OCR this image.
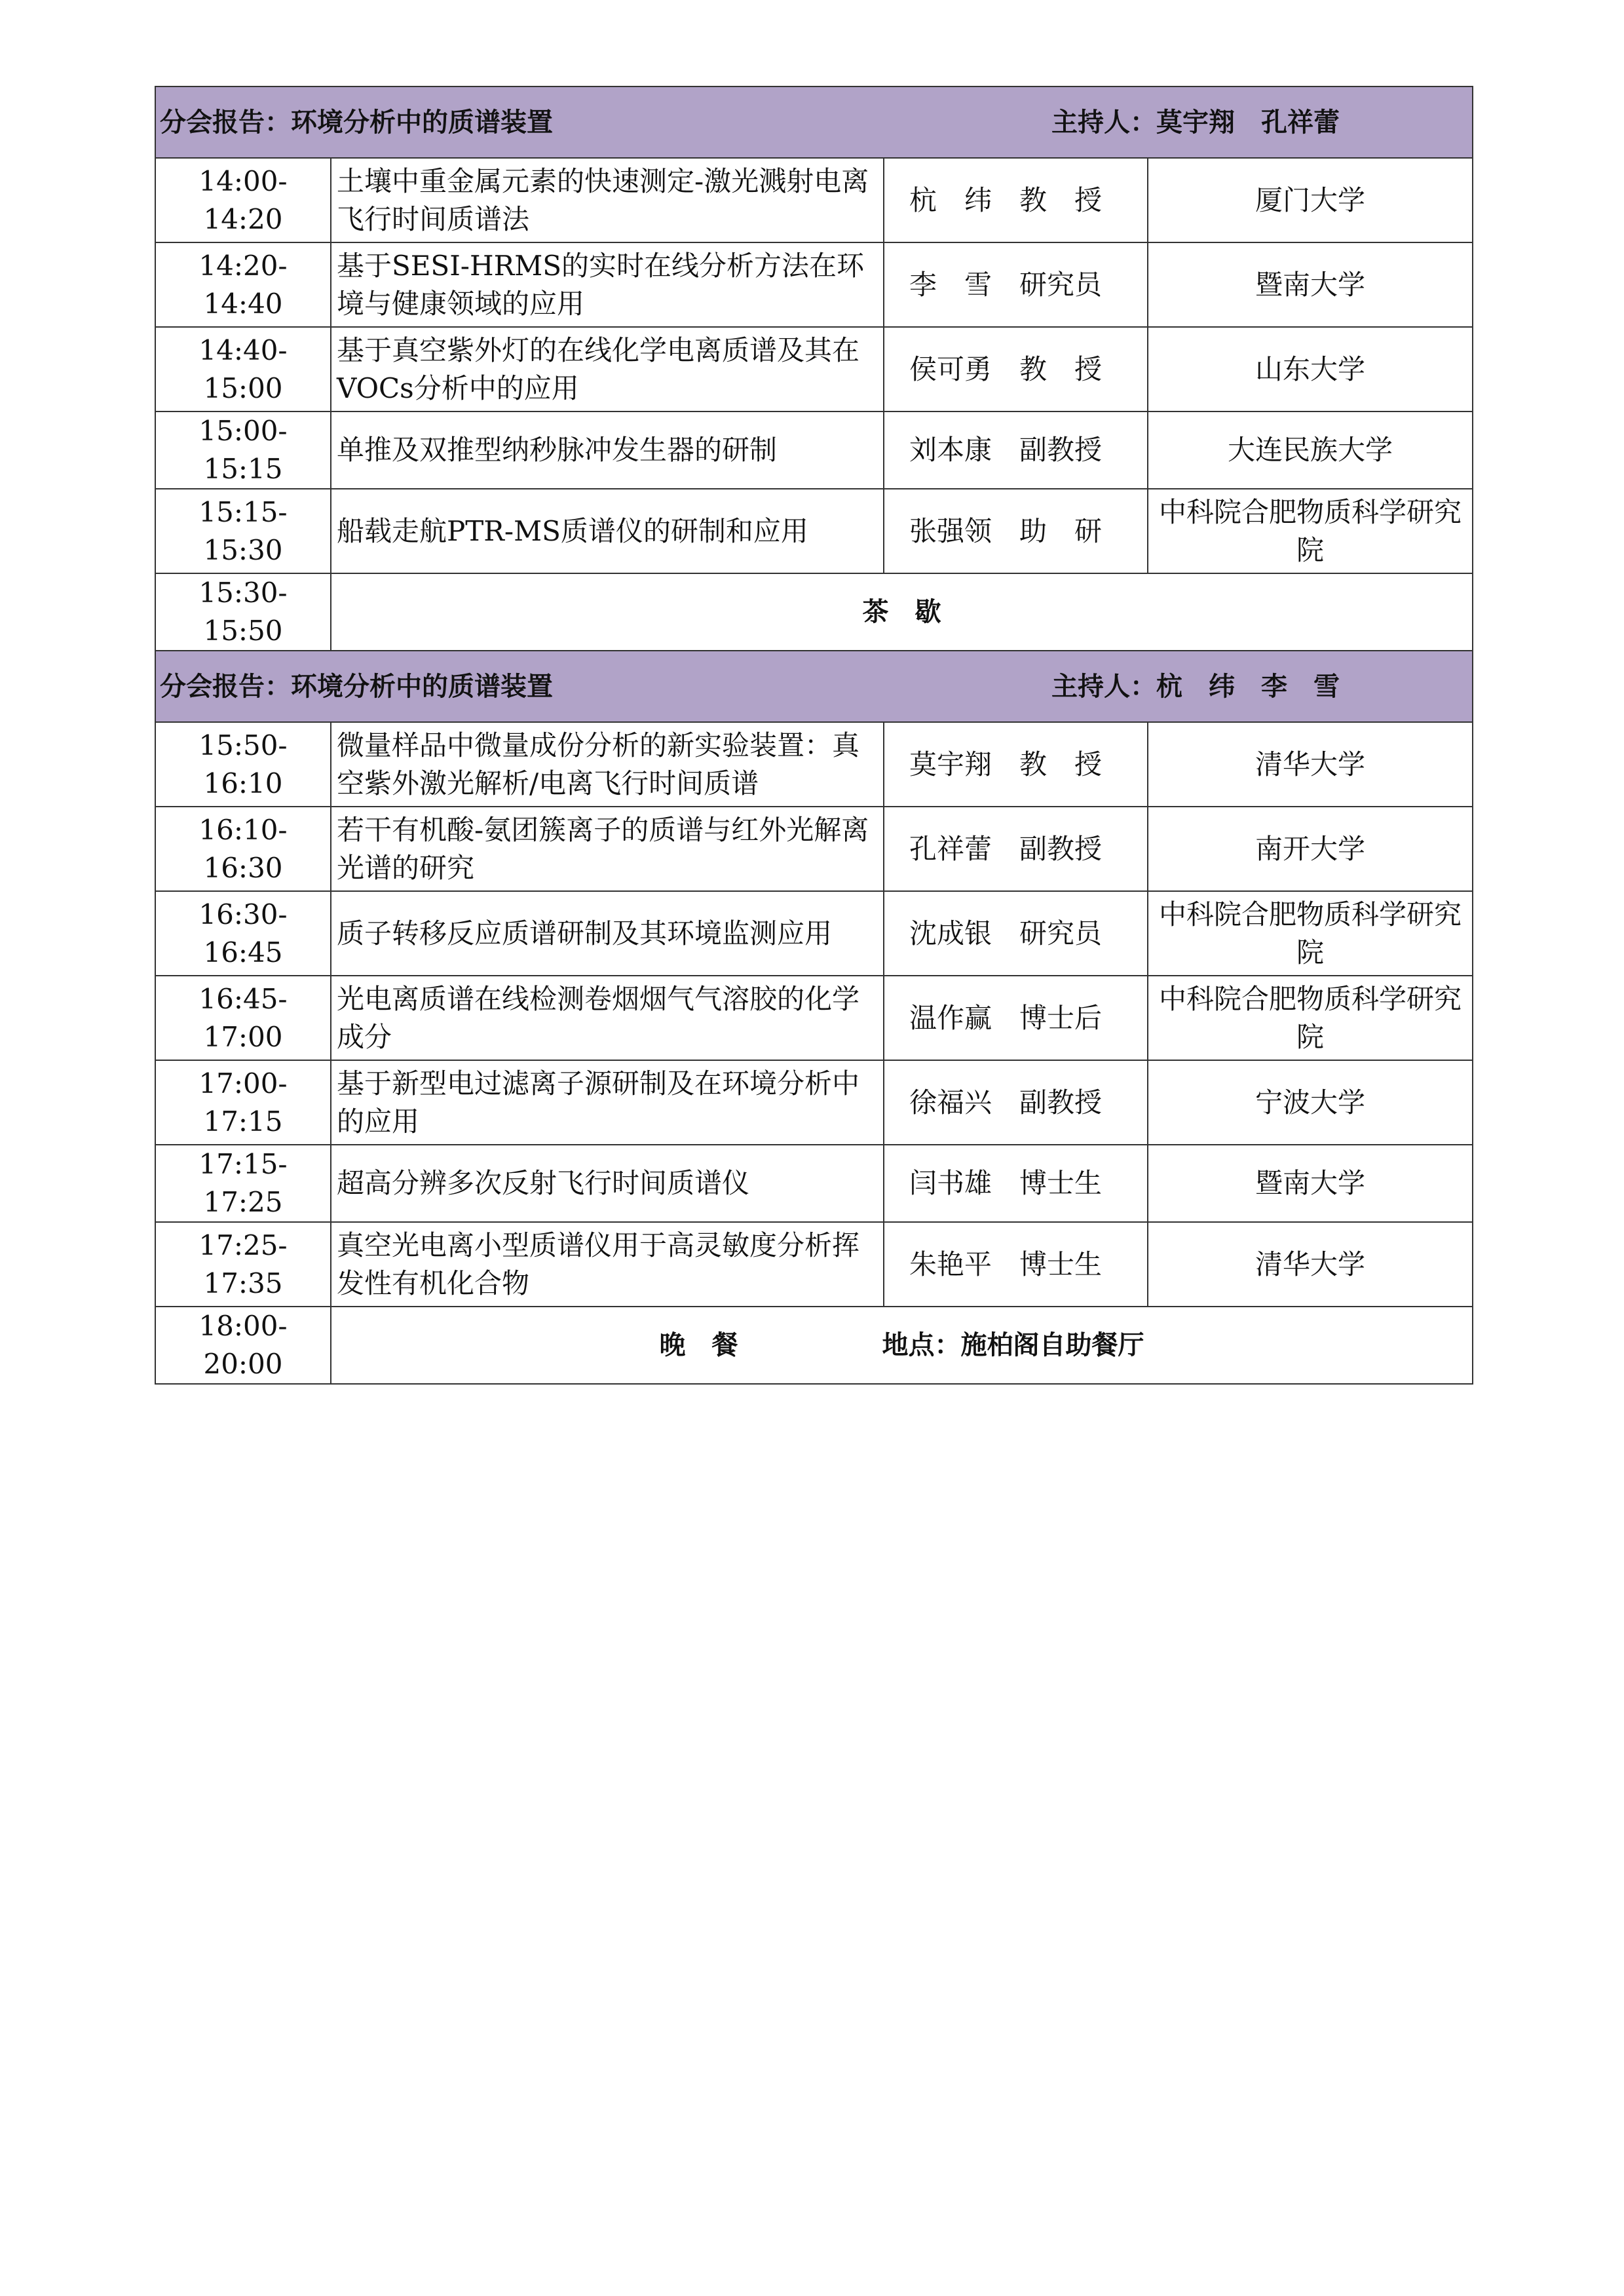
分会报告：环境分析中的质谱装置 主持人：莫宇翔　孔祥蕾			

14:00-14:20	土壤中重金属元素的快速测定-激光溅射电离飞行时间质谱法	杭　纬　教　授	厦门大学
14:20-14:40	基于SESI-HRMS的实时在线分析方法在环境与健康领域的应用	李　雪　研究员	暨南大学
14:40-15:00	基于真空紫外灯的在线化学电离质谱及其在VOCs分析中的应用	侯可勇　教　授	山东大学
15:00-15:15	单推及双推型纳秒脉冲发生器的研制	刘本康　副教授	大连民族大学
15:15-15:30	船载走航PTR-MS质谱仪的研制和应用	张强领　助　研	中科院合肥物质科学研究院
15:30-15:50	茶　歇		

分会报告：环境分析中的质谱装置 主持人：杭　纬　李　雪			

15:50-16:10	微量样品中微量成份分析的新实验装置：真空紫外激光解析/电离飞行时间质谱	莫宇翔　教　授	清华大学
16:10-16:30	若干有机酸-氨团簇离子的质谱与红外光解离光谱的研究	孔祥蕾　副教授	南开大学
16:30-16:45	质子转移反应质谱研制及其环境监测应用	沈成银　研究员	中科院合肥物质科学研究院
16:45-17:00	光电离质谱在线检测卷烟烟气气溶胶的化学成分	温作赢　博士后	中科院合肥物质科学研究院
17:00-17:15	基于新型电过滤离子源研制及在环境分析中的应用	徐福兴　副教授	宁波大学
17:15-17:25	超高分辨多次反射飞行时间质谱仪	闫书雄　博士生	暨南大学
17:25-17:35	真空光电离小型质谱仪用于高灵敏度分析挥发性有机化合物	朱艳平　博士生	清华大学
18:00-20:00	晚　餐 地点：施柏阁自助餐厅		
